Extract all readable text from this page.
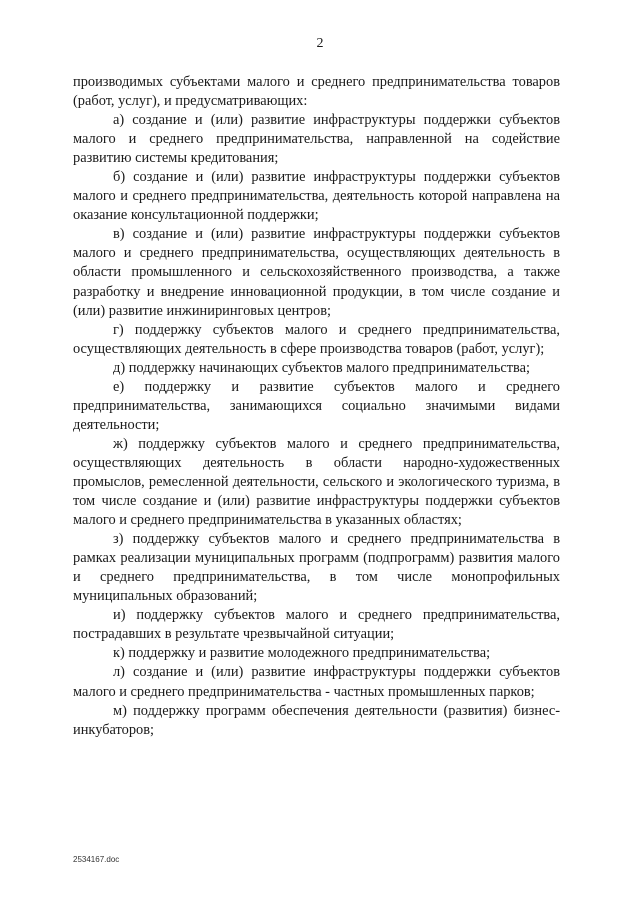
2

производимых субъектами малого и среднего предпринимательства товаров (работ, услуг), и предусматривающих:

а) создание и (или) развитие инфраструктуры поддержки субъектов малого и среднего предпринимательства, направленной на содействие развитию системы кредитования;

б) создание и (или) развитие инфраструктуры поддержки субъектов малого и среднего предпринимательства, деятельность которой направлена на оказание консультационной поддержки;

в) создание и (или) развитие инфраструктуры поддержки субъектов малого и среднего предпринимательства, осуществляющих деятельность в области промышленного и сельскохозяйственного производства, а также разработку и внедрение инновационной продукции, в том числе создание и (или) развитие инжиниринговых центров;

г) поддержку субъектов малого и среднего предпринимательства, осуществляющих деятельность в сфере производства товаров (работ, услуг);

д) поддержку начинающих субъектов малого предпринимательства;

е) поддержку и развитие субъектов малого и среднего предпринимательства, занимающихся социально значимыми видами деятельности;

ж) поддержку субъектов малого и среднего предпринимательства, осуществляющих деятельность в области народно-художественных промыслов, ремесленной деятельности, сельского и экологического туризма, в том числе создание и (или) развитие инфраструктуры поддержки субъектов малого и среднего предпринимательства в указанных областях;

з) поддержку субъектов малого и среднего предпринимательства в рамках реализации муниципальных программ (подпрограмм) развития малого и среднего предпринимательства, в том числе монопрофильных муниципальных образований;

и) поддержку субъектов малого и среднего предпринимательства, пострадавших в результате чрезвычайной ситуации;

к) поддержку и развитие молодежного предпринимательства;

л) создание и (или) развитие инфраструктуры поддержки субъектов малого и среднего предпринимательства - частных промышленных парков;

м) поддержку программ обеспечения деятельности (развития) бизнес-инкубаторов;

2534167.doc
